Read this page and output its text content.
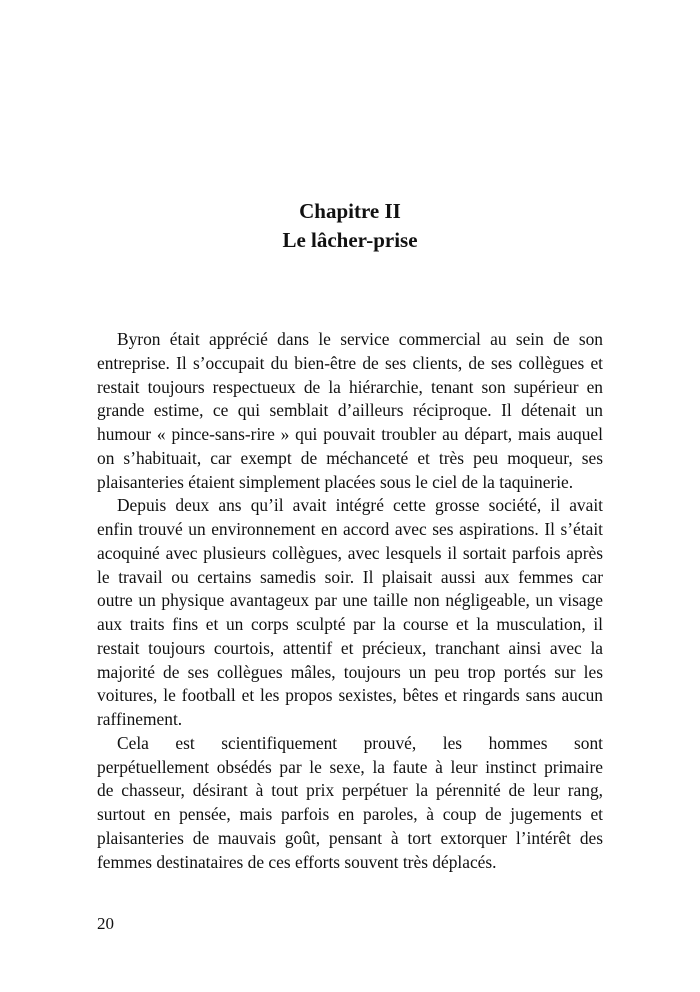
Chapitre II
Le lâcher-prise
Byron était apprécié dans le service commercial au sein de son
entreprise. Il s’occupait du bien-être de ses clients, de ses collègues et
restait toujours respectueux de la hiérarchie, tenant son supérieur en
grande estime, ce qui semblait d’ailleurs réciproque. Il détenait un
humour « pince-sans-rire » qui pouvait troubler au départ, mais auquel
on s’habituait, car exempt de méchanceté et très peu moqueur, ses
plaisanteries étaient simplement placées sous le ciel de la taquinerie.
Depuis deux ans qu’il avait intégré cette grosse société, il avait
enfin trouvé un environnement en accord avec ses aspirations. Il s’était
acoquiné avec plusieurs collègues, avec lesquels il sortait parfois après
le travail ou certains samedis soir. Il plaisait aussi aux femmes car
outre un physique avantageux par une taille non négligeable, un visage
aux traits fins et un corps sculpté par la course et la musculation, il
restait toujours courtois, attentif et précieux, tranchant ainsi avec la
majorité de ses collègues mâles, toujours un peu trop portés sur les
voitures, le football et les propos sexistes, bêtes et ringards sans aucun
raffinement.
Cela est scientifiquement prouvé, les hommes sont
perpétuellement obsédés par le sexe, la faute à leur instinct primaire
de chasseur, désirant à tout prix perpétuer la pérennité de leur rang,
surtout en pensée, mais parfois en paroles, à coup de jugements et
plaisanteries de mauvais goût, pensant à tort extorquer l’intérêt des
femmes destinataires de ces efforts souvent très déplacés.
20
